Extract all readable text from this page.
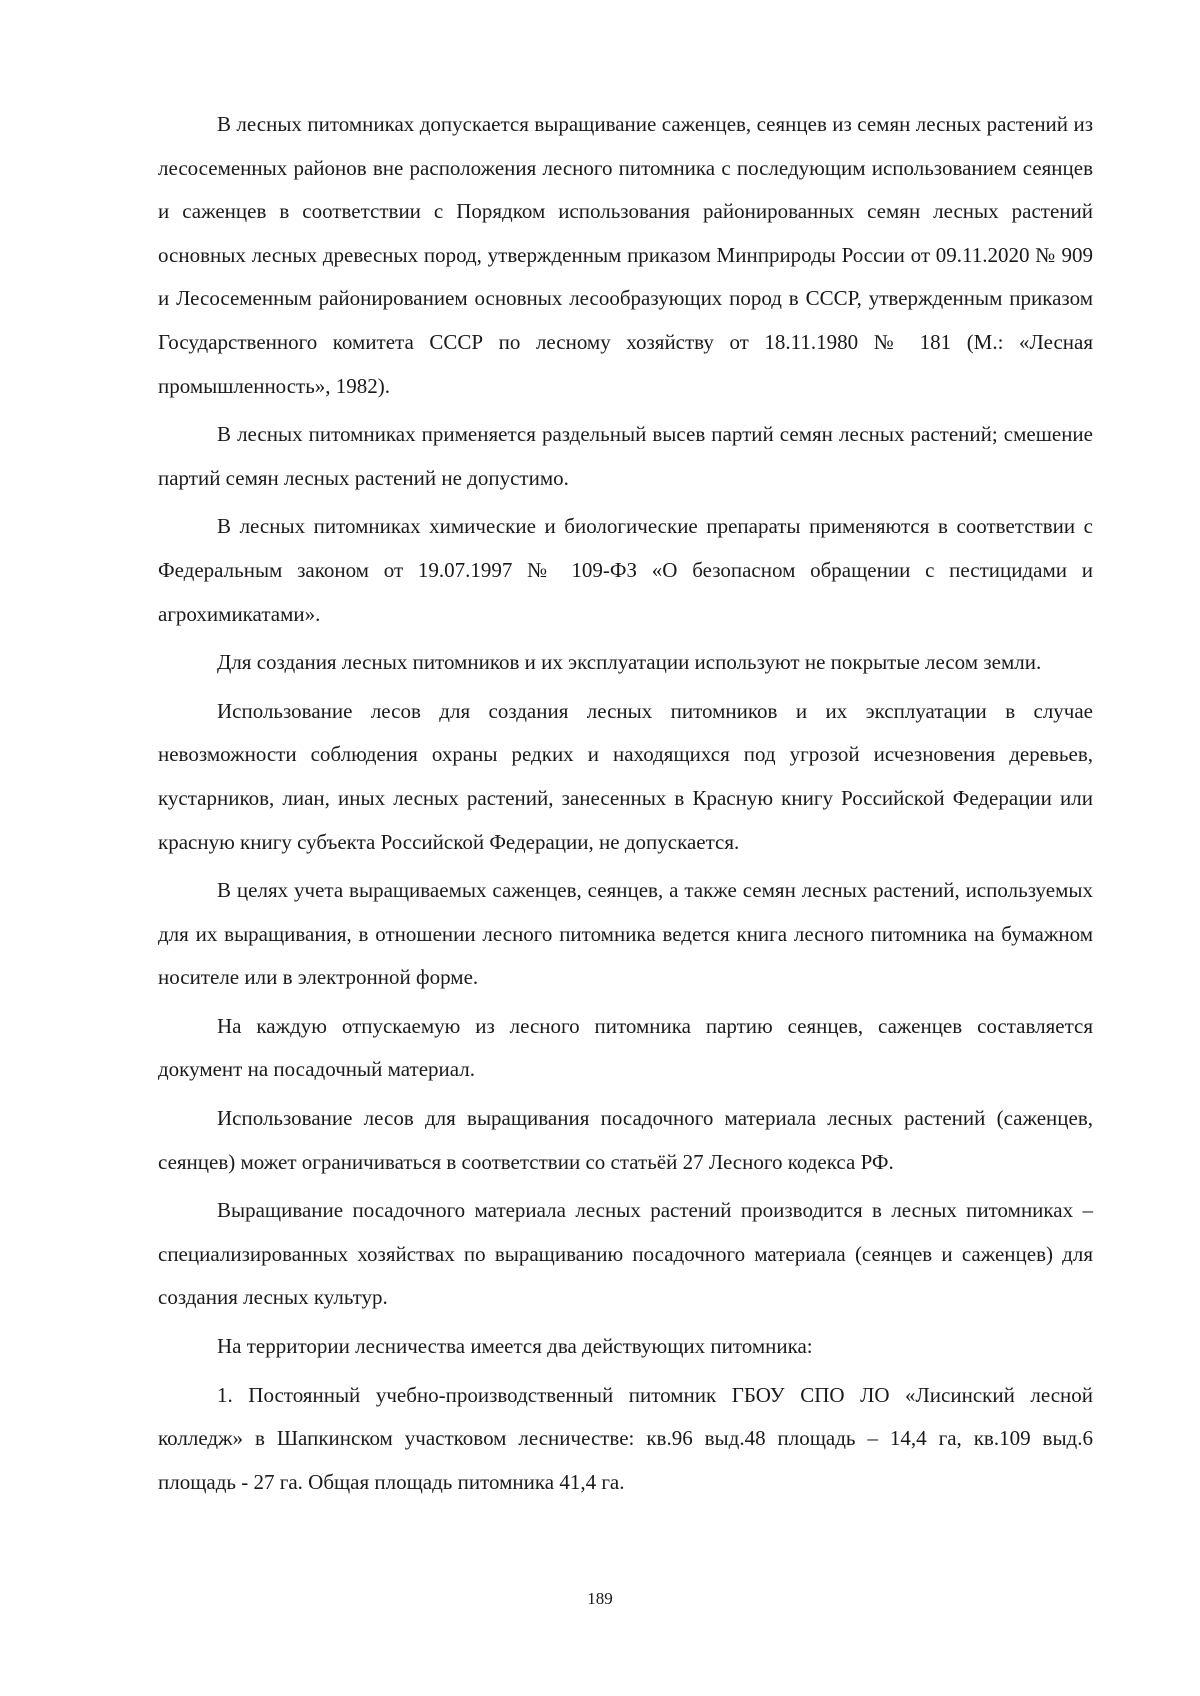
В лесных питомниках допускается выращивание саженцев, сеянцев из семян лесных растений из лесосеменных районов вне расположения лесного питомника с последующим использованием сеянцев и саженцев в соответствии с Порядком использования районированных семян лесных растений основных лесных древесных пород, утвержденным приказом Минприроды России от 09.11.2020 № 909 и Лесосеменным районированием основных лесообразующих пород в СССР, утвержденным приказом Государственного комитета СССР по лесному хозяйству от 18.11.1980 № 181 (М.: «Лесная промышленность», 1982).

В лесных питомниках применяется раздельный высев партий семян лесных растений; смешение партий семян лесных растений не допустимо.

В лесных питомниках химические и биологические препараты применяются в соответствии с Федеральным законом от 19.07.1997 № 109-ФЗ «О безопасном обращении с пестицидами и агрохимикатами».

Для создания лесных питомников и их эксплуатации используют не покрытые лесом земли.

Использование лесов для создания лесных питомников и их эксплуатации в случае невозможности соблюдения охраны редких и находящихся под угрозой исчезновения деревьев, кустарников, лиан, иных лесных растений, занесенных в Красную книгу Российской Федерации или красную книгу субъекта Российской Федерации, не допускается.

В целях учета выращиваемых саженцев, сеянцев, а также семян лесных растений, используемых для их выращивания, в отношении лесного питомника ведется книга лесного питомника на бумажном носителе или в электронной форме.

На каждую отпускаемую из лесного питомника партию сеянцев, саженцев составляется документ на посадочный материал.

Использование лесов для выращивания посадочного материала лесных растений (саженцев, сеянцев) может ограничиваться в соответствии со статьёй 27 Лесного кодекса РФ.

Выращивание посадочного материала лесных растений производится в лесных питомниках – специализированных хозяйствах по выращиванию посадочного материала (сеянцев и саженцев) для создания лесных культур.

На территории лесничества имеется два действующих питомника:

1. Постоянный учебно-производственный питомник ГБОУ СПО ЛО «Лисинский лесной колледж» в Шапкинском участковом лесничестве: кв.96 выд.48 площадь – 14,4 га, кв.109 выд.6 площадь - 27 га. Общая площадь питомника 41,4 га.

189
